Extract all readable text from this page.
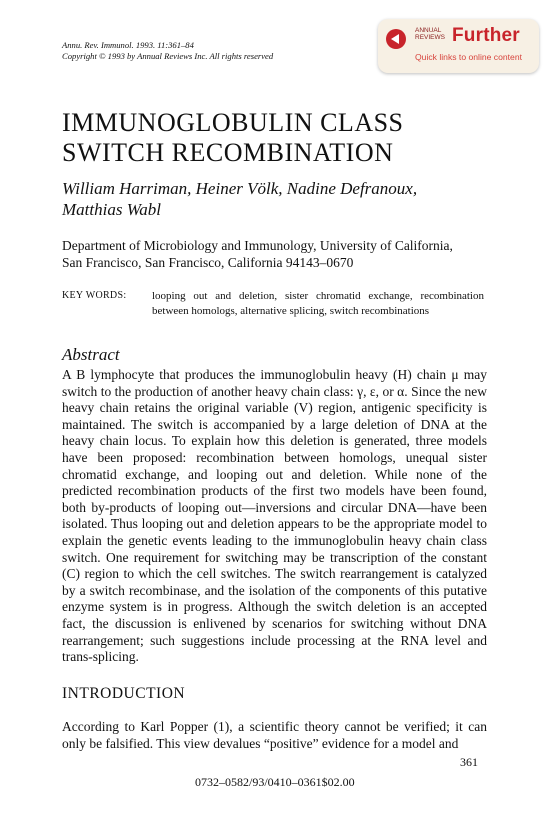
Annu. Rev. Immunol. 1993. 11:361–84
Copyright © 1993 by Annual Reviews Inc. All rights reserved
ANNUAL
REVIEWS Further
Quick links to online content
IMMUNOGLOBULIN CLASS
SWITCH RECOMBINATION
William Harriman, Heiner Völk, Nadine Defranoux,
Matthias Wabl
Department of Microbiology and Immunology, University of California,
San Francisco, San Francisco, California 94143–0670
KEY WORDS: looping out and deletion, sister chromatid exchange, recombination between homologs, alternative splicing, switch recombinations
Abstract
A B lymphocyte that produces the immunoglobulin heavy (H) chain μ may switch to the production of another heavy chain class: γ, ε, or α. Since the new heavy chain retains the original variable (V) region, antigenic specificity is maintained. The switch is accompanied by a large deletion of DNA at the heavy chain locus. To explain how this deletion is generated, three models have been proposed: recombination between homologs, unequal sister chromatid exchange, and looping out and deletion. While none of the predicted recombination products of the first two models have been found, both by-products of looping out—inversions and circular DNA—have been isolated. Thus looping out and deletion appears to be the appropriate model to explain the genetic events leading to the immunoglobulin heavy chain class switch. One requirement for switching may be transcription of the constant (C) region to which the cell switches. The switch rearrangement is catalyzed by a switch recombinase, and the isolation of the components of this putative enzyme system is in progress. Although the switch deletion is an accepted fact, the discussion is enlivened by scenarios for switching without DNA rearrangement; such suggestions include processing at the RNA level and trans-splicing.
INTRODUCTION
According to Karl Popper (1), a scientific theory cannot be verified; it can only be falsified. This view devalues “positive” evidence for a model and
361
0732–0582/93/0410–0361$02.00
